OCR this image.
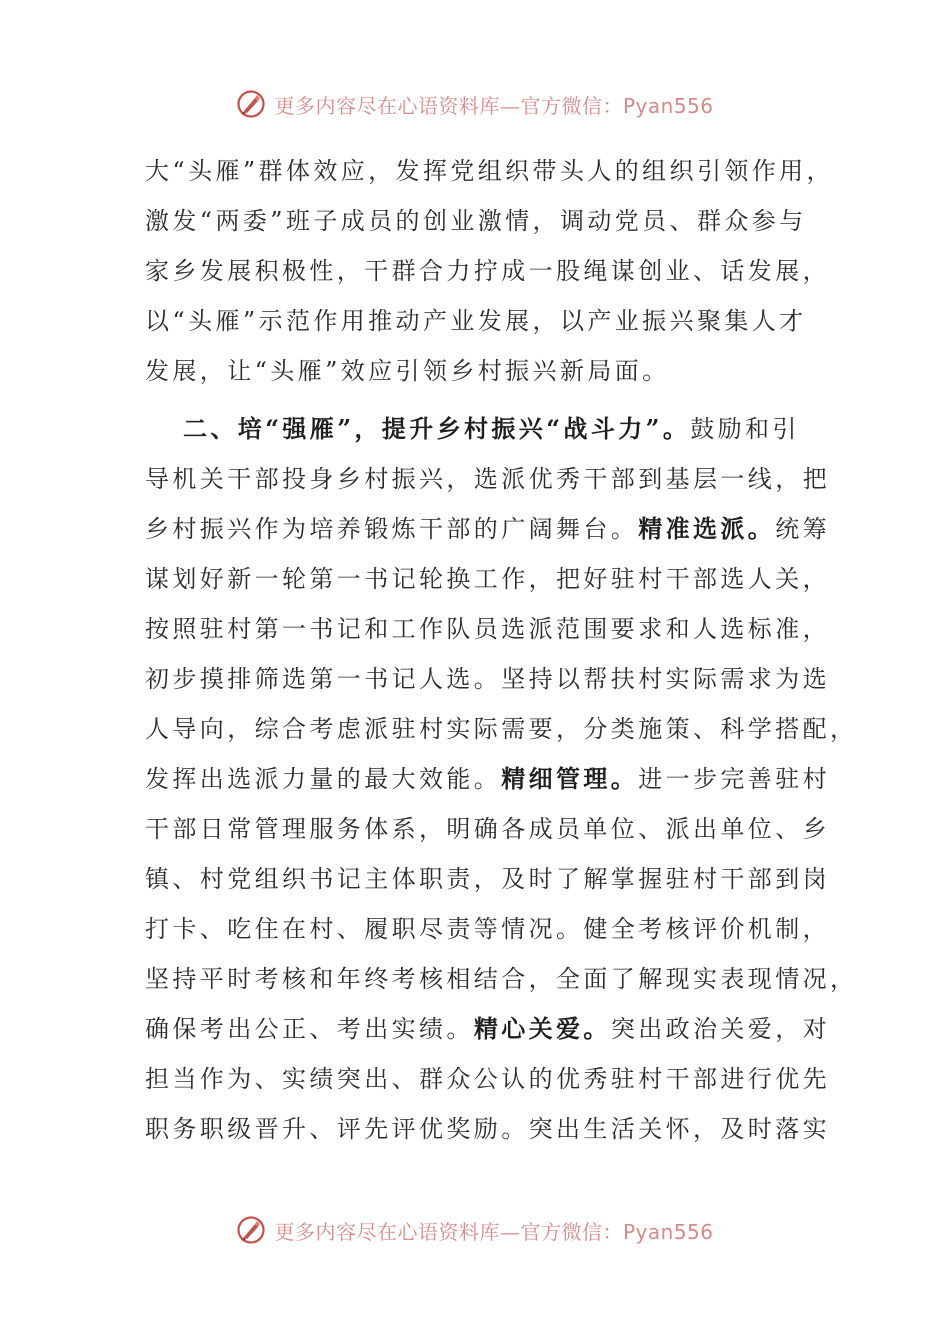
更多内容尽在心语资料库—官方微信：Pyan556
大“头雁”群体效应，发挥党组织带头人的组织引领作用，
激发“两委”班子成员的创业激情，调动党员、群众参与
家乡发展积极性，干群合力拧成一股绳谋创业、话发展，
以“头雁”示范作用推动产业发展，以产业振兴聚集人才
发展，让“头雁”效应引领乡村振兴新局面。
二、培“强雁”，提升乡村振兴“战斗力”。鼓励和引
导机关干部投身乡村振兴，选派优秀干部到基层一线，把
乡村振兴作为培养锻炼干部的广阔舞台。精准选派。统筹
谋划好新一轮第一书记轮换工作，把好驻村干部选人关，
按照驻村第一书记和工作队员选派范围要求和人选标准，
初步摸排筛选第一书记人选。坚持以帮扶村实际需求为选
人导向，综合考虑派驻村实际需要，分类施策、科学搭配，
发挥出选派力量的最大效能。精细管理。进一步完善驻村
干部日常管理服务体系，明确各成员单位、派出单位、乡
镇、村党组织书记主体职责，及时了解掌握驻村干部到岗
打卡、吃住在村、履职尽责等情况。健全考核评价机制，
坚持平时考核和年终考核相结合，全面了解现实表现情况，
确保考出公正、考出实绩。精心关爱。突出政治关爱，对
担当作为、实绩突出、群众公认的优秀驻村干部进行优先
职务职级晋升、评先评优奖励。突出生活关怀，及时落实
更多内容尽在心语资料库—官方微信：Pyan556
